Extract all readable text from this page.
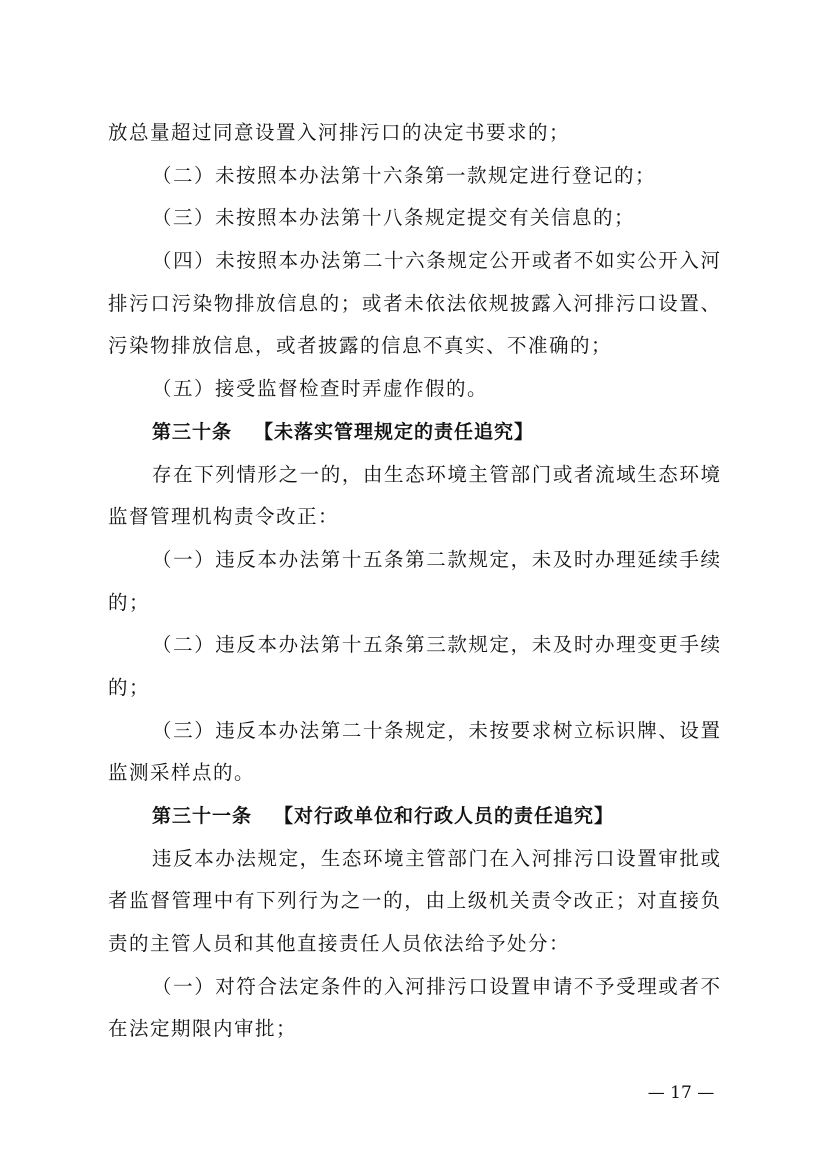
放总量超过同意设置入河排污口的决定书要求的；
（二）未按照本办法第十六条第一款规定进行登记的；
（三）未按照本办法第十八条规定提交有关信息的；
（四）未按照本办法第二十六条规定公开或者不如实公开入河
排污口污染物排放信息的；或者未依法依规披露入河排污口设置、
污染物排放信息，或者披露的信息不真实、不准确的；
（五）接受监督检查时弄虚作假的。
第三十条 【未落实管理规定的责任追究】
存在下列情形之一的，由生态环境主管部门或者流域生态环境
监督管理机构责令改正：
（一）违反本办法第十五条第二款规定，未及时办理延续手续
的；
（二）违反本办法第十五条第三款规定，未及时办理变更手续
的；
（三）违反本办法第二十条规定，未按要求树立标识牌、设置
监测采样点的。
第三十一条 【对行政单位和行政人员的责任追究】
违反本办法规定，生态环境主管部门在入河排污口设置审批或
者监督管理中有下列行为之一的，由上级机关责令改正；对直接负
责的主管人员和其他直接责任人员依法给予处分：
（一）对符合法定条件的入河排污口设置申请不予受理或者不
在法定期限内审批；
— 17 —
